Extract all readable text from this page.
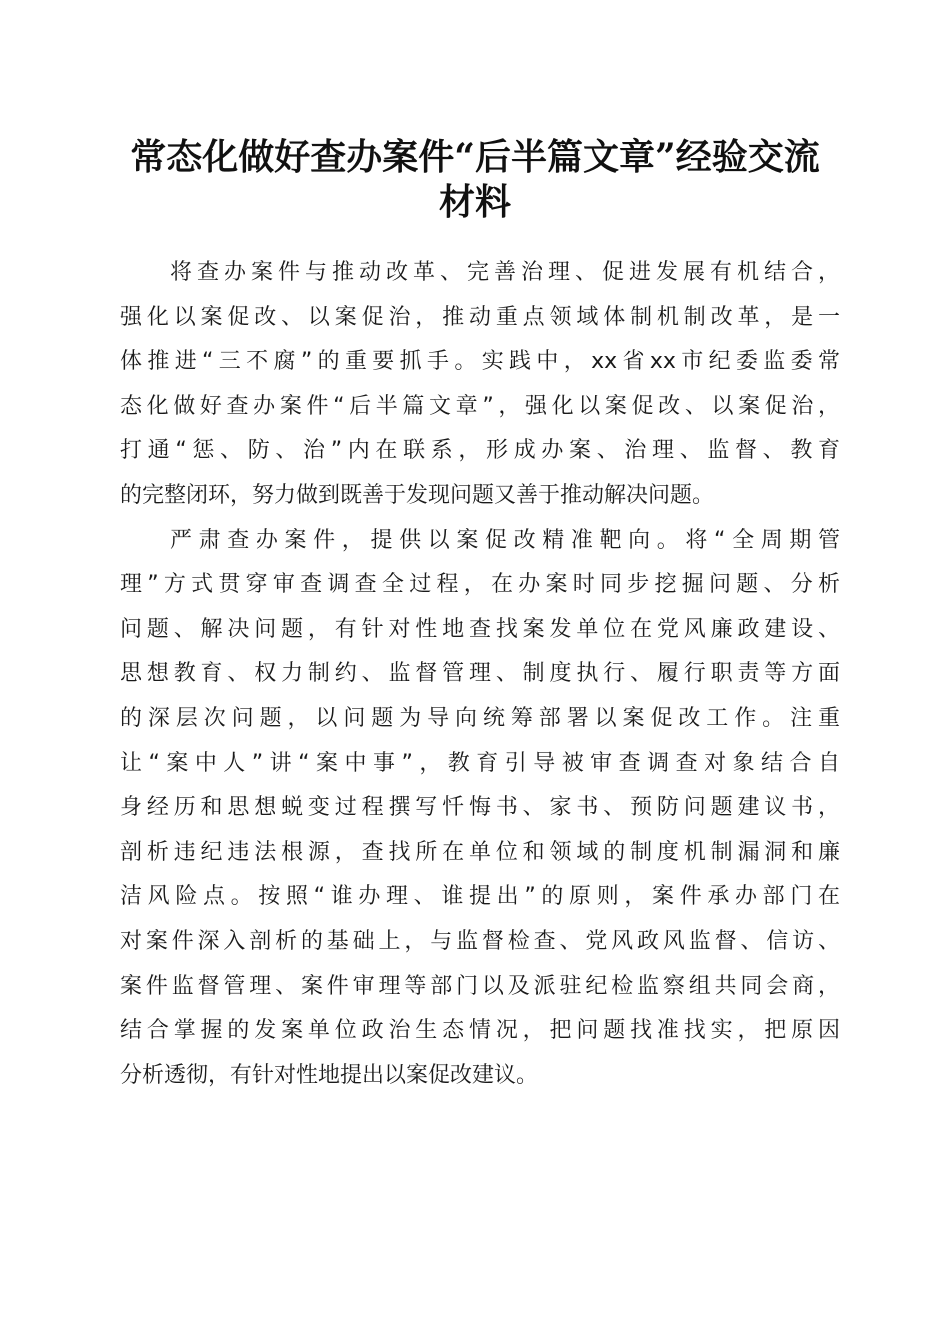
常态化做好查办案件“后半篇文章”经验交流
材料
将查办案件与推动改革、完善治理、促进发展有机结合，
强化以案促改、以案促治，推动重点领域体制机制改革，是一
体推进“三不腐”的重要抓手。实践中，xx省xx市纪委监委常
态化做好查办案件“后半篇文章”，强化以案促改、以案促治，
打通“惩、防、治”内在联系，形成办案、治理、监督、教育
的完整闭环，努力做到既善于发现问题又善于推动解决问题。
严肃查办案件，提供以案促改精准靶向。将“全周期管
理”方式贯穿审查调查全过程，在办案时同步挖掘问题、分析
问题、解决问题，有针对性地查找案发单位在党风廉政建设、
思想教育、权力制约、监督管理、制度执行、履行职责等方面
的深层次问题，以问题为导向统筹部署以案促改工作。注重
让“案中人”讲“案中事”，教育引导被审查调查对象结合自
身经历和思想蜕变过程撰写忏悔书、家书、预防问题建议书，
剖析违纪违法根源，查找所在单位和领域的制度机制漏洞和廉
洁风险点。按照“谁办理、谁提出”的原则，案件承办部门在
对案件深入剖析的基础上，与监督检查、党风政风监督、信访、
案件监督管理、案件审理等部门以及派驻纪检监察组共同会商，
结合掌握的发案单位政治生态情况，把问题找准找实，把原因
分析透彻，有针对性地提出以案促改建议。
